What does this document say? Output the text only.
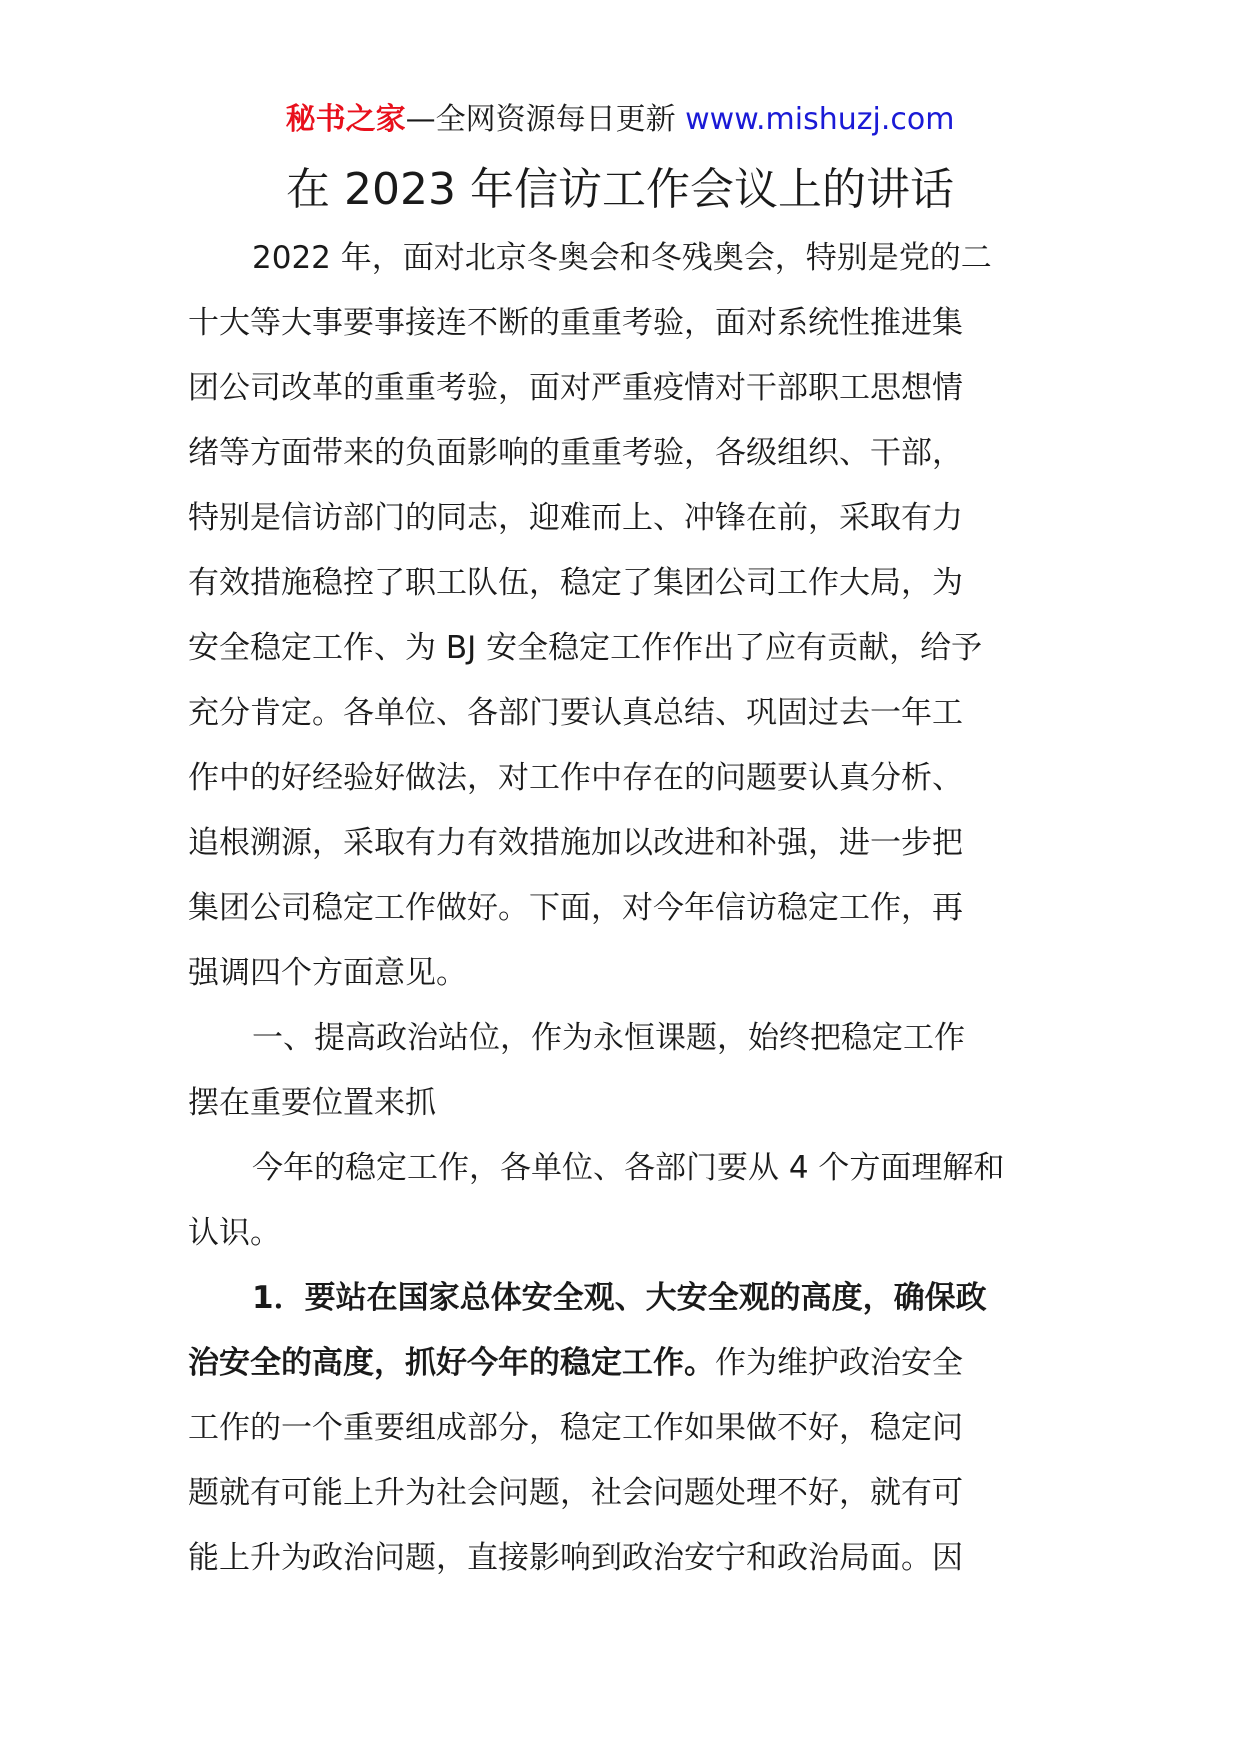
秘书之家—全网资源每日更新 www.mishuzj.com
在 2023 年信访工作会议上的讲话

2022 年，面对北京冬奥会和冬残奥会，特别是党的二
十大等大事要事接连不断的重重考验，面对系统性推进集
团公司改革的重重考验，面对严重疫情对干部职工思想情
绪等方面带来的负面影响的重重考验，各级组织、干部，
特别是信访部门的同志，迎难而上、冲锋在前，采取有力
有效措施稳控了职工队伍，稳定了集团公司工作大局，为
安全稳定工作、为 BJ 安全稳定工作作出了应有贡献，给予
充分肯定。各单位、各部门要认真总结、巩固过去一年工
作中的好经验好做法，对工作中存在的问题要认真分析、
追根溯源，采取有力有效措施加以改进和补强，进一步把
集团公司稳定工作做好。下面，对今年信访稳定工作，再
强调四个方面意见。

一、提高政治站位，作为永恒课题，始终把稳定工作
摆在重要位置来抓

今年的稳定工作，各单位、各部门要从 4 个方面理解和
认识。

1．要站在国家总体安全观、大安全观的高度，确保政
治安全的高度，抓好今年的稳定工作。作为维护政治安全
工作的一个重要组成部分，稳定工作如果做不好，稳定问
题就有可能上升为社会问题，社会问题处理不好，就有可
能上升为政治问题，直接影响到政治安宁和政治局面。因
